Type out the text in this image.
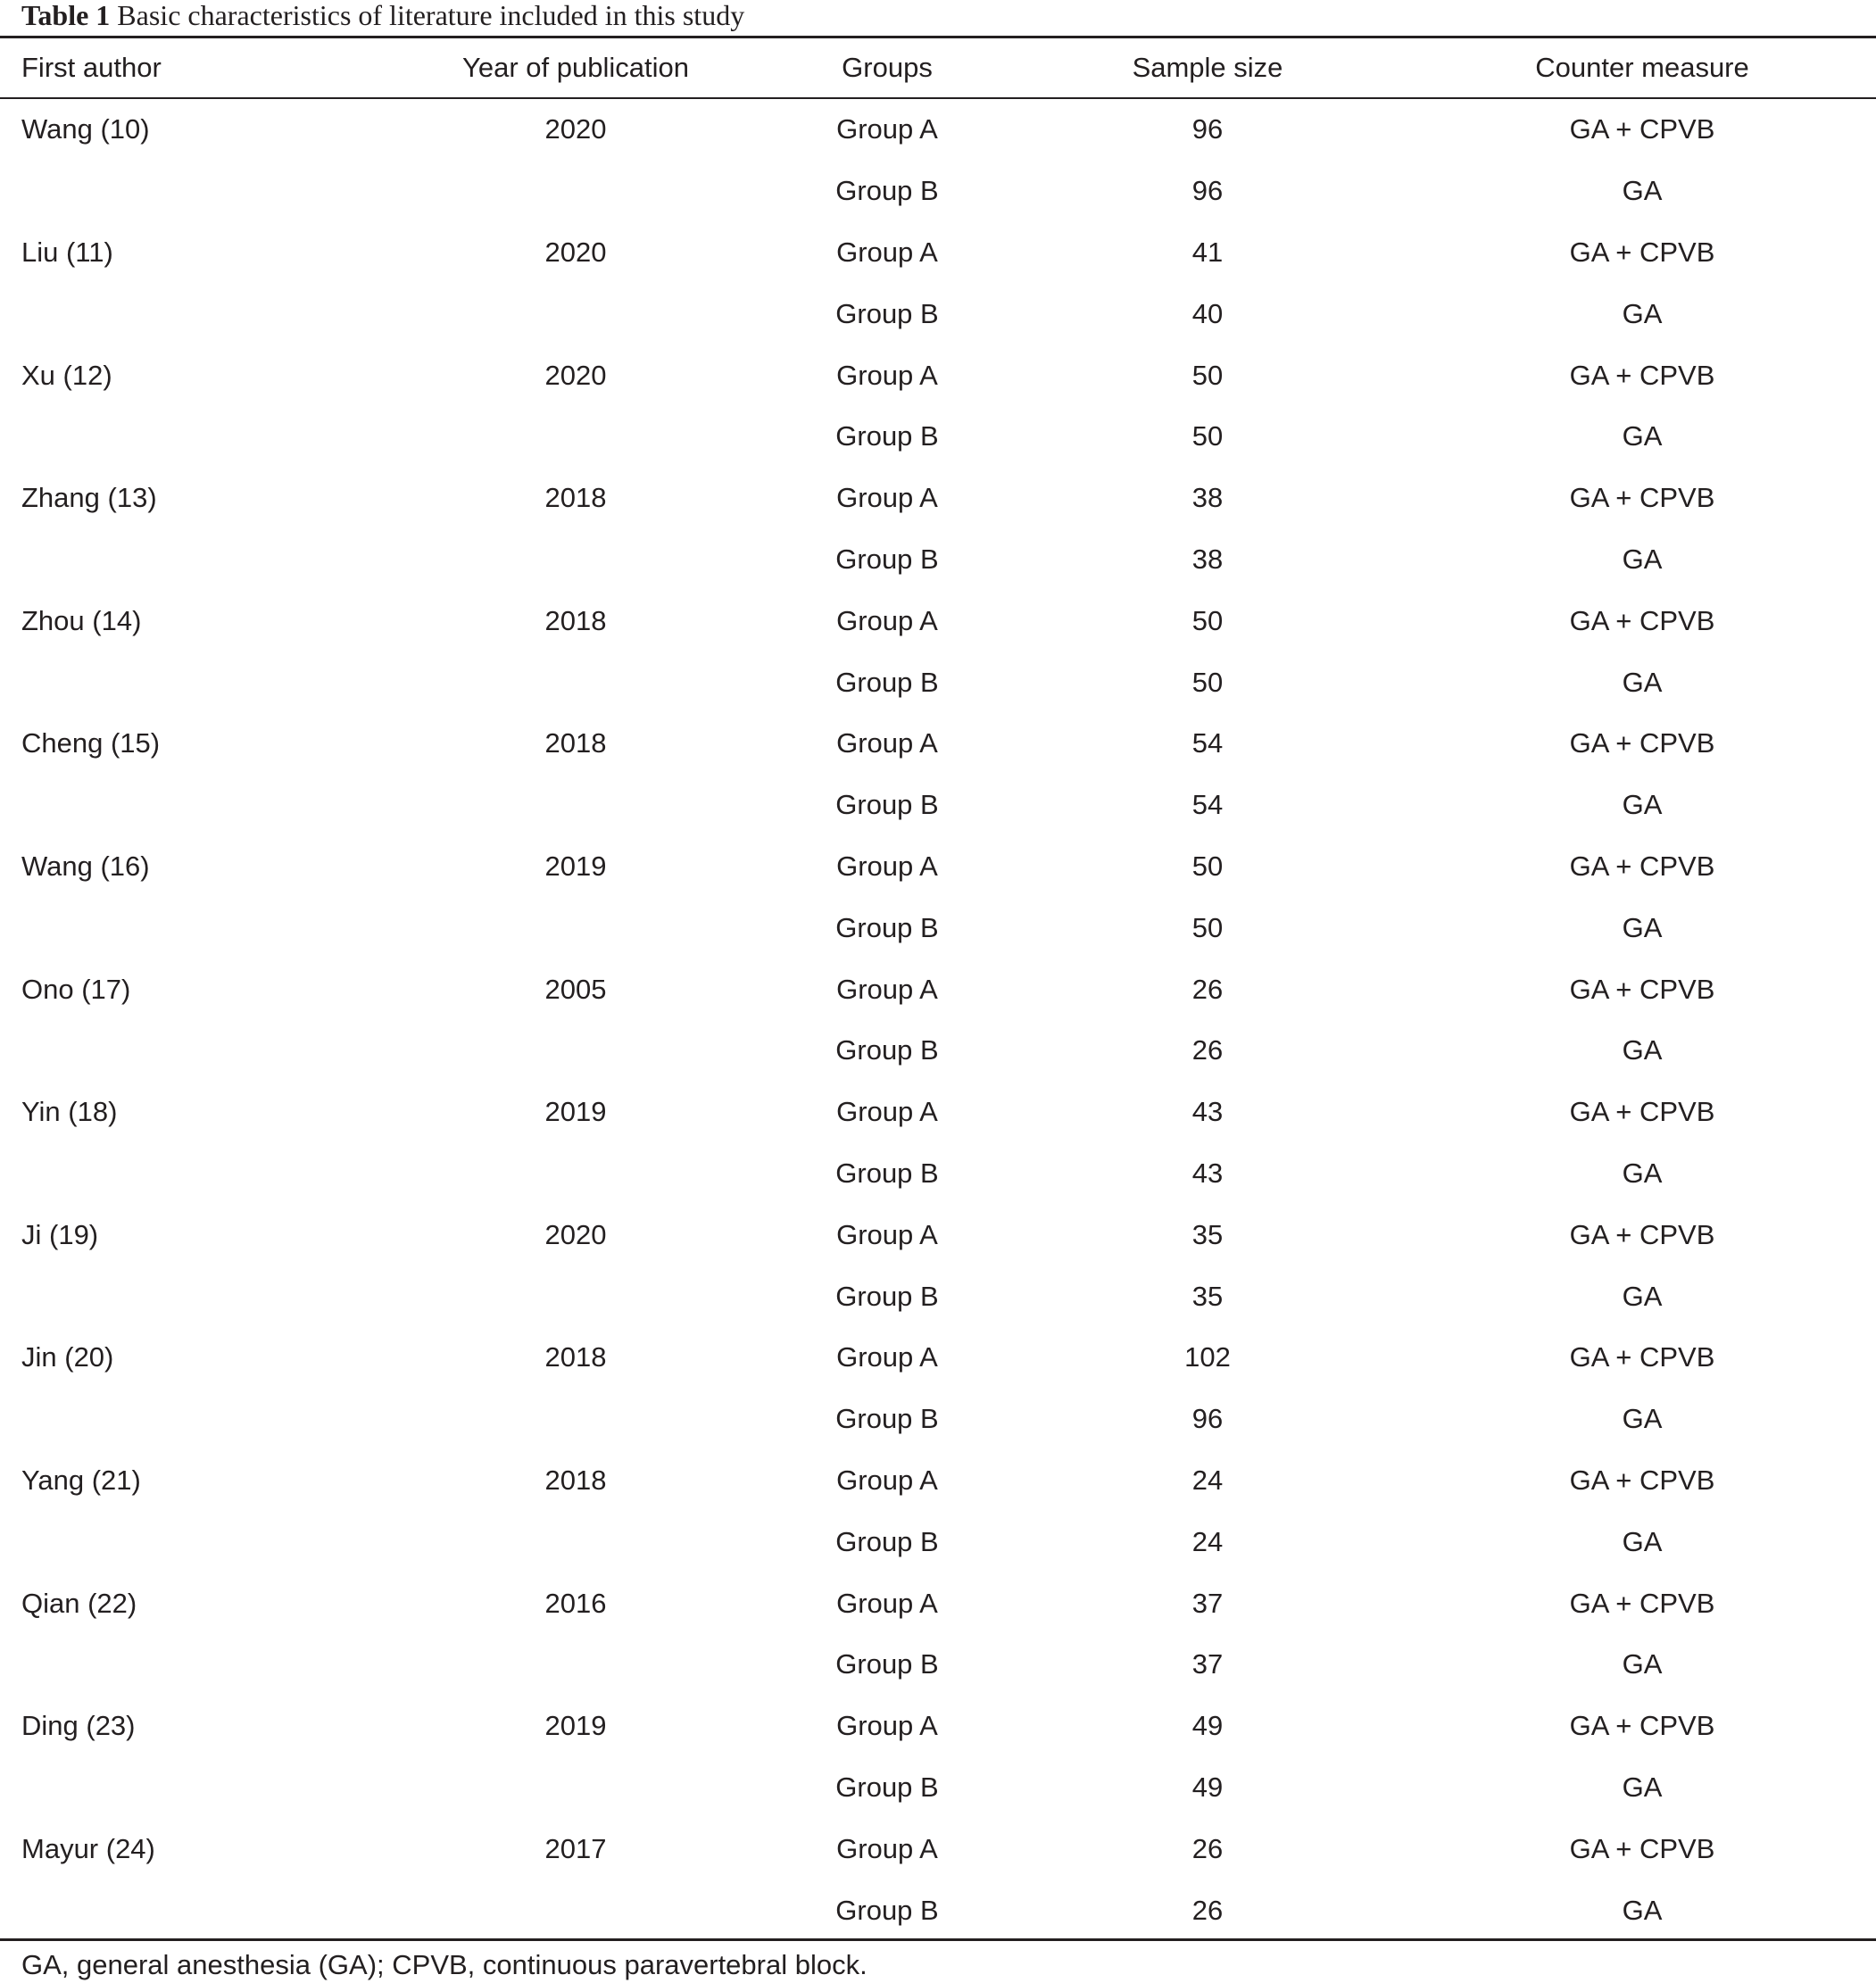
Table 1 Basic characteristics of literature included in this study
First author	Year of publication	Groups	Sample size	Counter measure
Wang (10)	2020	Group A	96	GA + CPVB
		Group B	96	GA
Liu (11)	2020	Group A	41	GA + CPVB
		Group B	40	GA
Xu (12)	2020	Group A	50	GA + CPVB
		Group B	50	GA
Zhang (13)	2018	Group A	38	GA + CPVB
		Group B	38	GA
Zhou (14)	2018	Group A	50	GA + CPVB
		Group B	50	GA
Cheng (15)	2018	Group A	54	GA + CPVB
		Group B	54	GA
Wang (16)	2019	Group A	50	GA + CPVB
		Group B	50	GA
Ono (17)	2005	Group A	26	GA + CPVB
		Group B	26	GA
Yin (18)	2019	Group A	43	GA + CPVB
		Group B	43	GA
Ji (19)	2020	Group A	35	GA + CPVB
		Group B	35	GA
Jin (20)	2018	Group A	102	GA + CPVB
		Group B	96	GA
Yang (21)	2018	Group A	24	GA + CPVB
		Group B	24	GA
Qian (22)	2016	Group A	37	GA + CPVB
		Group B	37	GA
Ding (23)	2019	Group A	49	GA + CPVB
		Group B	49	GA
Mayur (24)	2017	Group A	26	GA + CPVB
		Group B	26	GA
GA, general anesthesia (GA); CPVB, continuous paravertebral block.
